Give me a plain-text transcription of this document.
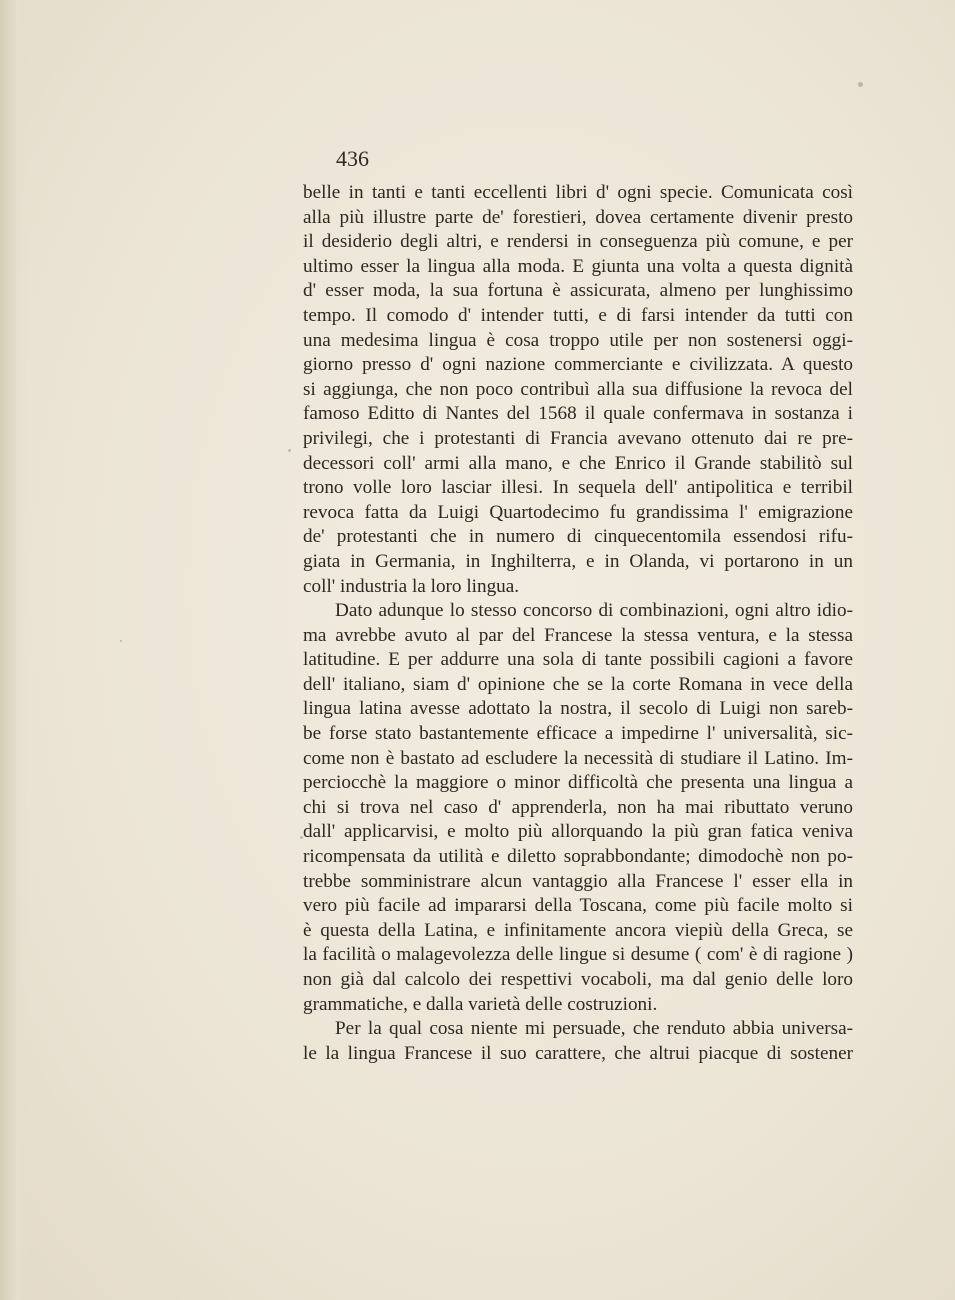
436
belle in tanti e tanti eccellenti libri d' ogni specie. Comunicata così
alla più illustre parte de' forestieri, dovea certamente divenir presto
il desiderio degli altri, e rendersi in conseguenza più comune, e per
ultimo esser la lingua alla moda. E giunta una volta a questa dignità
d' esser moda, la sua fortuna è assicurata, almeno per lunghissimo
tempo. Il comodo d' intender tutti, e di farsi intender da tutti con
una medesima lingua è cosa troppo utile per non sostenersi oggi-
giorno presso d' ogni nazione commerciante e civilizzata. A questo
si aggiunga, che non poco contribuì alla sua diffusione la revoca del
famoso Editto di Nantes del 1568 il quale confermava in sostanza i
privilegi, che i protestanti di Francia avevano ottenuto dai re pre-
decessori coll' armi alla mano, e che Enrico il Grande stabilitò sul
trono volle loro lasciar illesi. In sequela dell' antipolitica e terribil
revoca fatta da Luigi Quartodecimo fu grandissima l' emigrazione
de' protestanti che in numero di cinquecentomila essendosi rifu-
giata in Germania, in Inghilterra, e in Olanda, vi portarono in un
coll' industria la loro lingua.
Dato adunque lo stesso concorso di combinazioni, ogni altro idio-
ma avrebbe avuto al par del Francese la stessa ventura, e la stessa
latitudine. E per addurre una sola di tante possibili cagioni a favore
dell' italiano, siam d' opinione che se la corte Romana in vece della
lingua latina avesse adottato la nostra, il secolo di Luigi non sareb-
be forse stato bastantemente efficace a impedirne l' universalità, sic-
come non è bastato ad escludere la necessità di studiare il Latino. Im-
perciocchè la maggiore o minor difficoltà che presenta una lingua a
chi si trova nel caso d' apprenderla, non ha mai ributtato veruno
dall' applicarvisi, e molto più allorquando la più gran fatica veniva
ricompensata da utilità e diletto soprabbondante; dimodochè non po-
trebbe somministrare alcun vantaggio alla Francese l' esser ella in
vero più facile ad impararsi della Toscana, come più facile molto si
è questa della Latina, e infinitamente ancora viepiù della Greca, se
la facilità o malagevolezza delle lingue si desume ( com' è di ragione )
non già dal calcolo dei respettivi vocaboli, ma dal genio delle loro
grammatiche, e dalla varietà delle costruzioni.
Per la qual cosa niente mi persuade, che renduto abbia universa-
le la lingua Francese il suo carattere, che altrui piacque di sostener
